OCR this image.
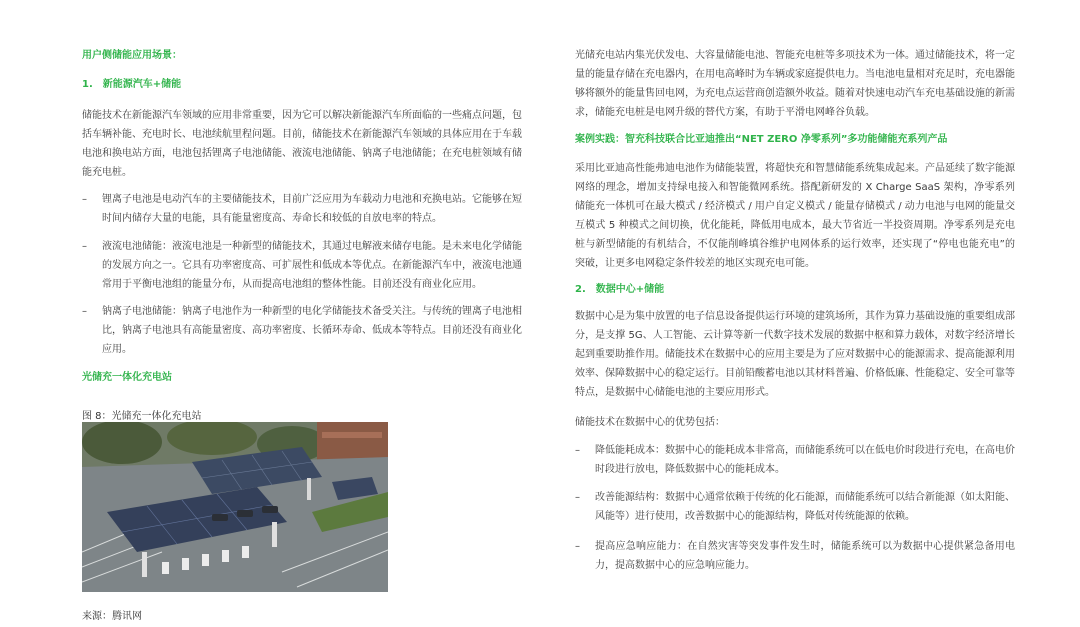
用户侧储能应用场景：

1.　新能源汽车+储能

储能技术在新能源汽车领域的应用非常重要，因为它可以解决新能源汽车所面临的一些痛点问题，包括车辆补能、充电时长、电池续航里程问题。目前，储能技术在新能源汽车领域的具体应用在于车载电池和换电站方面，电池包括锂离子电池储能、液流电池储能、钠离子电池储能；在充电桩领域有储能充电桩。

– 锂离子电池是电动汽车的主要储能技术，目前广泛应用为车载动力电池和充换电站。它能够在短时间内储存大量的电能，具有能量密度高、寿命长和较低的自放电率的特点。
– 液流电池储能：液流电池是一种新型的储能技术，其通过电解液来储存电能。是未来电化学储能的发展方向之一。它具有功率密度高、可扩展性和低成本等优点。在新能源汽车中，液流电池通常用于平衡电池组的能量分布，从而提高电池组的整体性能。目前还没有商业化应用。
– 钠离子电池储能：钠离子电池作为一种新型的电化学储能技术备受关注。与传统的锂离子电池相比，钠离子电池具有高能量密度、高功率密度、长循环寿命、低成本等特点。目前还没有商业化应用。

光储充一体化充电站

图 8：光储充一体化充电站

来源：腾讯网

光储充电站内集光伏发电、大容量储能电池、智能充电桩等多项技术为一体。通过储能技术，将一定量的能量存储在充电器内，在用电高峰时为车辆或家庭提供电力。当电池电量相对充足时，充电器能够将额外的能量售回电网，为充电点运营商创造额外收益。随着对快速电动汽车充电基础设施的新需求，储能充电桩是电网升级的替代方案，有助于平滑电网峰谷负载。

案例实践：智充科技联合比亚迪推出“NET ZERO 净零系列”多功能储能充系列产品

采用比亚迪高性能弗迪电池作为储能装置，将超快充和智慧储能系统集成起来。产品延续了数字能源网络的理念，增加支持绿电接入和智能微网系统。搭配新研发的 X Charge SaaS 架构，净零系列储能充一体机可在最大模式 / 经济模式 / 用户自定义模式 / 能量存储模式 / 动力电池与电网的能量交互模式 5 种模式之间切换，优化能耗，降低用电成本，最大节省近一半投资周期。净零系列是充电桩与新型储能的有机结合，不仅能削峰填谷维护电网体系的运行效率，还实现了“停电也能充电”的突破，让更多电网稳定条件较差的地区实现充电可能。

2.　数据中心+储能

数据中心是为集中放置的电子信息设备提供运行环境的建筑场所，其作为算力基础设施的重要组成部分，是支撑 5G、人工智能、云计算等新一代数字技术发展的数据中枢和算力载体，对数字经济增长起到重要助推作用。储能技术在数据中心的应用主要是为了应对数据中心的能源需求、提高能源利用效率、保障数据中心的稳定运行。目前铅酸蓄电池以其材料普遍、价格低廉、性能稳定、安全可靠等特点，是数据中心储能电池的主要应用形式。

储能技术在数据中心的优势包括：

– 降低能耗成本：数据中心的能耗成本非常高，而储能系统可以在低电价时段进行充电，在高电价时段进行放电，降低数据中心的能耗成本。
– 改善能源结构：数据中心通常依赖于传统的化石能源，而储能系统可以结合新能源（如太阳能、风能等）进行使用，改善数据中心的能源结构，降低对传统能源的依赖。
– 提高应急响应能力：在自然灾害等突发事件发生时，储能系统可以为数据中心提供紧急备用电力，提高数据中心的应急响应能力。
